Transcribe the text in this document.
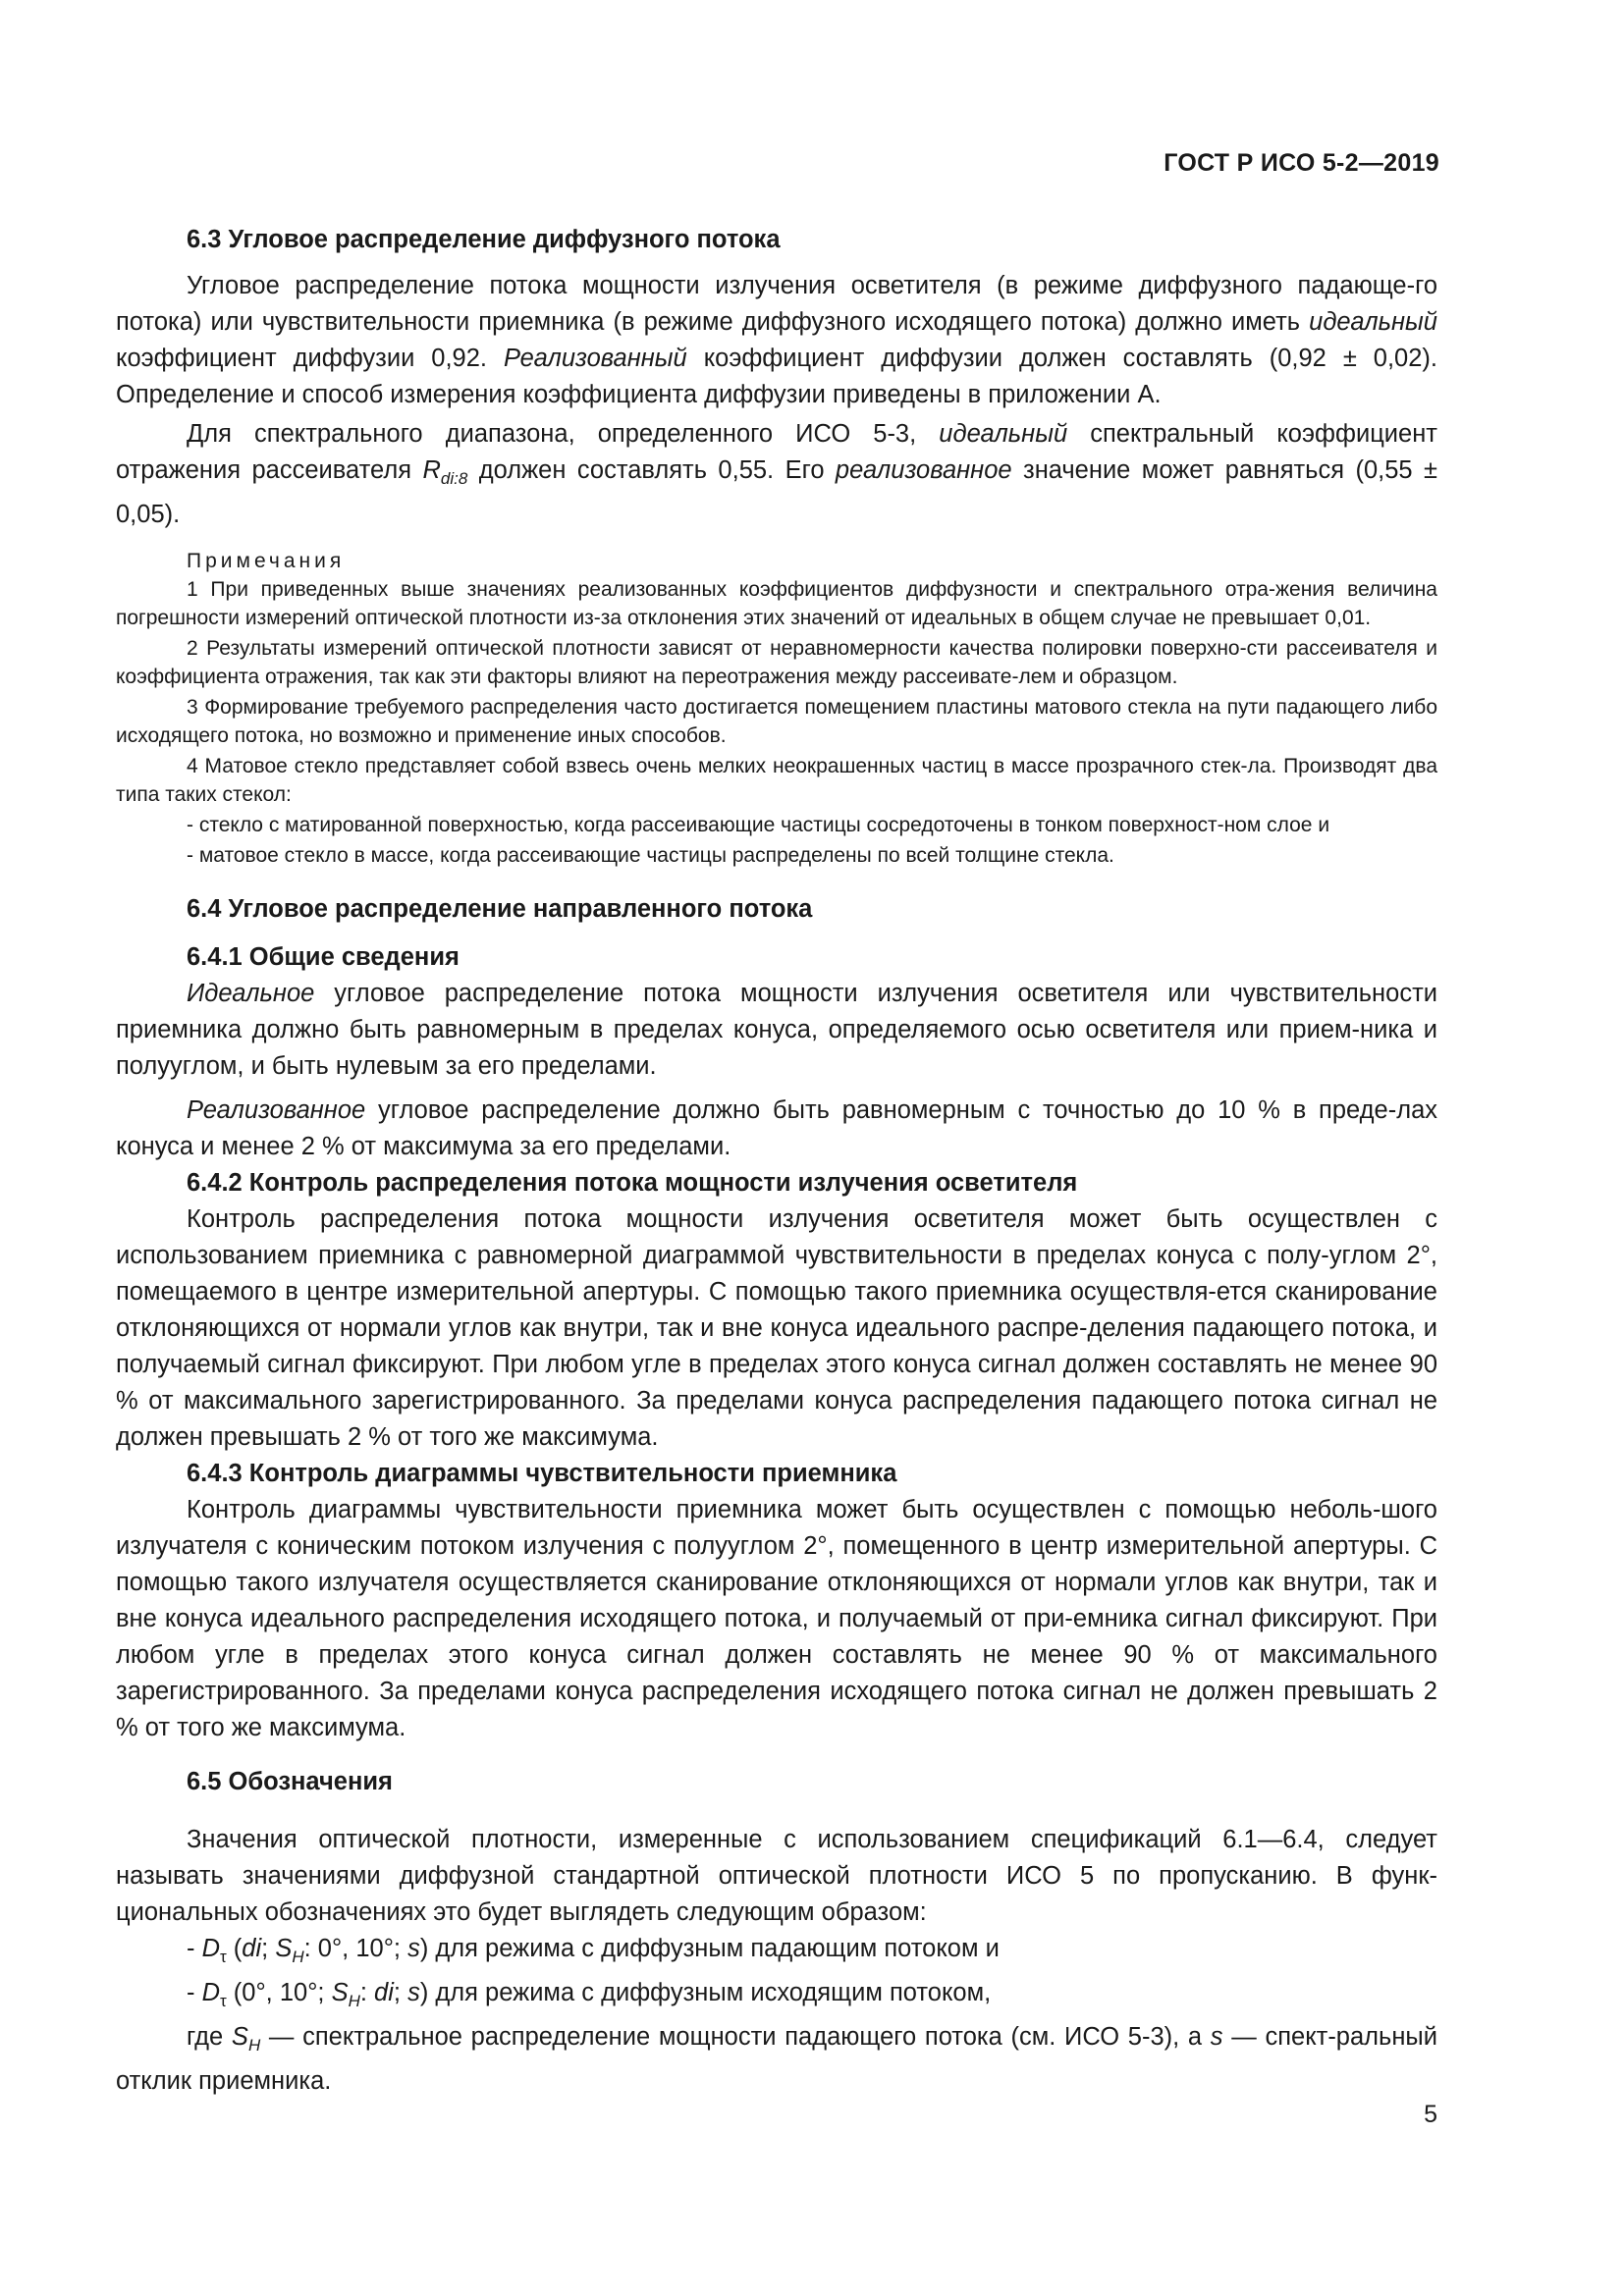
ГОСТ Р ИСО 5-2—2019

6.3 Угловое распределение диффузного потока

Угловое распределение потока мощности излучения осветителя (в режиме диффузного падающе-го потока) или чувствительности приемника (в режиме диффузного исходящего потока) должно иметь идеальный коэффициент диффузии 0,92. Реализованный коэффициент диффузии должен составлять (0,92 ± 0,02). Определение и способ измерения коэффициента диффузии приведены в приложении А.

Для спектрального диапазона, определенного ИСО 5-3, идеальный спектральный коэффициент отражения рассеивателя $R_{di:8}$ должен составлять 0,55. Его реализованное значение может равняться (0,55 ± 0,05).

Примечания

1 При приведенных выше значениях реализованных коэффициентов диффузности и спектрального отра-жения величина погрешности измерений оптической плотности из-за отклонения этих значений от идеальных в общем случае не превышает 0,01.

2 Результаты измерений оптической плотности зависят от неравномерности качества полировки поверхно-сти рассеивателя и коэффициента отражения, так как эти факторы влияют на переотражения между рассеивате-лем и образцом.

3 Формирование требуемого распределения часто достигается помещением пластины матового стекла на пути падающего либо исходящего потока, но возможно и применение иных способов.

4 Матовое стекло представляет собой взвесь очень мелких неокрашенных частиц в массе прозрачного стек-ла. Производят два типа таких стекол:

- стекло с матированной поверхностью, когда рассеивающие частицы сосредоточены в тонком поверхност-ном слое и

- матовое стекло в массе, когда рассеивающие частицы распределены по всей толщине стекла.

6.4 Угловое распределение направленного потока

6.4.1 Общие сведения

Идеальное угловое распределение потока мощности излучения осветителя или чувствительности приемника должно быть равномерным в пределах конуса, определяемого осью осветителя или прием-ника и полууглом, и быть нулевым за его пределами.

Реализованное угловое распределение должно быть равномерным с точностью до 10 % в преде-лах конуса и менее 2 % от максимума за его пределами.

6.4.2 Контроль распределения потока мощности излучения осветителя

Контроль распределения потока мощности излучения осветителя может быть осуществлен с использованием приемника с равномерной диаграммой чувствительности в пределах конуса с полу-углом 2°, помещаемого в центре измерительной апертуры. С помощью такого приемника осуществля-ется сканирование отклоняющихся от нормали углов как внутри, так и вне конуса идеального распре-деления падающего потока, и получаемый сигнал фиксируют. При любом угле в пределах этого конуса сигнал должен составлять не менее 90 % от максимального зарегистрированного. За пределами конуса распределения падающего потока сигнал не должен превышать 2 % от того же максимума.

6.4.3 Контроль диаграммы чувствительности приемника

Контроль диаграммы чувствительности приемника может быть осуществлен с помощью неболь-шого излучателя с коническим потоком излучения с полууглом 2°, помещенного в центр измерительной апертуры. С помощью такого излучателя осуществляется сканирование отклоняющихся от нормали углов как внутри, так и вне конуса идеального распределения исходящего потока, и получаемый от при-емника сигнал фиксируют. При любом угле в пределах этого конуса сигнал должен составлять не менее 90 % от максимального зарегистрированного. За пределами конуса распределения исходящего потока сигнал не должен превышать 2 % от того же максимума.

6.5 Обозначения

Значения оптической плотности, измеренные с использованием спецификаций 6.1—6.4, следует называть значениями диффузной стандартной оптической плотности ИСО 5 по пропусканию. В функ-циональных обозначениях это будет выглядеть следующим образом:

- $D_\tau$ (di; $S_H$: 0°, 10°; s) для режима с диффузным падающим потоком и

- $D_\tau$ (0°, 10°; $S_H$: di; s) для режима с диффузным исходящим потоком,

где $S_H$ — спектральное распределение мощности падающего потока (см. ИСО 5-3), а s — спект-ральный отклик приемника.

5
